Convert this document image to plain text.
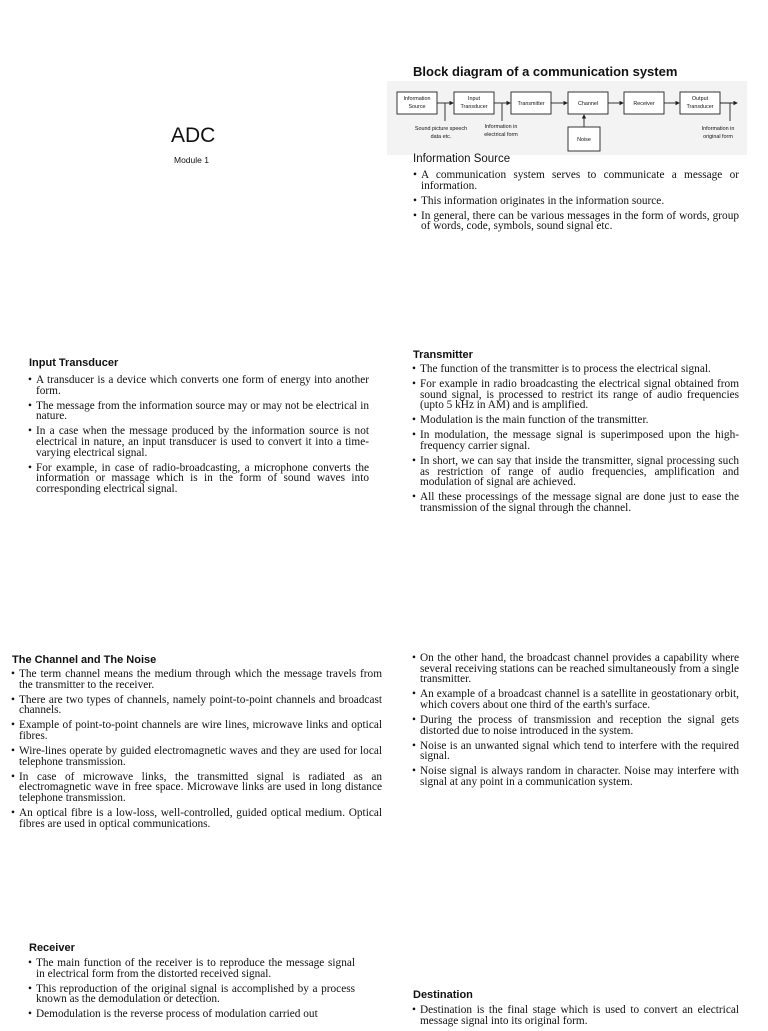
ADC
Module 1
Block diagram of a communication system
Information
Source
Input
Transducer	Transmitter	Channel	Receiver
Output
Transducer
Noise
Sound picture speech
data etc.
Information in
electrical form
Information in
original form
Information Source
• A communication system serves to communicate a message or information.
• This information originates in the information source.
• In general, there can be various messages in the form of words, group of words, code, symbols, sound signal etc.
Input Transducer
• A transducer is a device which converts one form of energy into another form.
• The message from the information source may or may not be electrical in nature.
• In a case when the message produced by the information source is not electrical in nature, an input transducer is used to convert it into a time-varying electrical signal.
• For example, in case of radio-broadcasting, a microphone converts the information or massage which is in the form of sound waves into corresponding electrical signal.
Transmitter
• The function of the transmitter is to process the electrical signal.
• For example in radio broadcasting the electrical signal obtained from sound signal, is processed to restrict its range of audio frequencies (upto 5 kHz in AM) and is amplified.
• Modulation is the main function of the transmitter.
• In modulation, the message signal is superimposed upon the high-frequency carrier signal.
• In short, we can say that inside the transmitter, signal processing such as restriction of range of audio frequencies, amplification and modulation of signal are achieved.
• All these processings of the message signal are done just to ease the transmission of the signal through the channel.
The Channel and The Noise
• The term channel means the medium through which the message travels from the transmitter to the receiver.
• There are two types of channels, namely point-to-point channels and broadcast channels.
• Example of point-to-point channels are wire lines, microwave links and optical fibres.
• Wire-lines operate by guided electromagnetic waves and they are used for local telephone transmission.
• In case of microwave links, the transmitted signal is radiated as an electromagnetic wave in free space. Microwave links are used in long distance telephone transmission.
• An optical fibre is a low-loss, well-controlled, guided optical medium. Optical fibres are used in optical communications.
• On the other hand, the broadcast channel provides a capability where several receiving stations can be reached simultaneously from a single transmitter.
• An example of a broadcast channel is a satellite in geostationary orbit, which covers about one third of the earth's surface.
• During the process of transmission and reception the signal gets distorted due to noise introduced in the system.
• Noise is an unwanted signal which tend to interfere with the required signal.
• Noise signal is always random in character. Noise may interfere with signal at any point in a communication system.
Receiver
• The main function of the receiver is to reproduce the message signal in electrical form from the distorted received signal.
• This reproduction of the original signal is accomplished by a process known as the demodulation or detection.
• Demodulation is the reverse process of modulation carried out
Destination
• Destination is the final stage which is used to convert an electrical message signal into its original form.
